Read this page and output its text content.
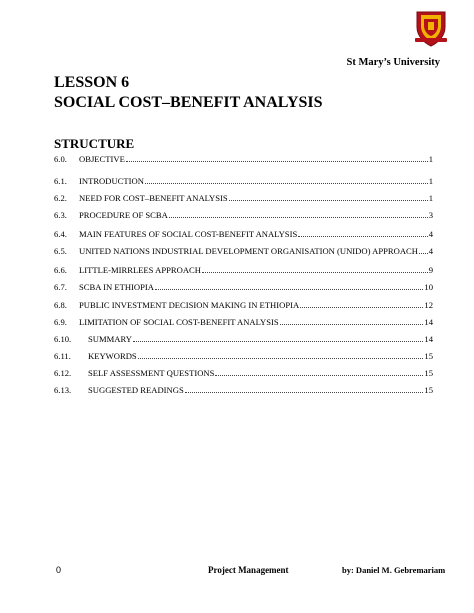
St Mary’s University
LESSON 6
SOCIAL COST–BENEFIT ANALYSIS
STRUCTURE
6.0.	OBJECTIVE	1
6.1.	INTRODUCTION	1
6.2.	NEED FOR COST–BENEFIT ANALYSIS	1
6.3.	PROCEDURE OF SCBA	3
6.4.	MAIN FEATURES OF SOCIAL COST-BENEFIT ANALYSIS	4
6.5.	UNITED NATIONS INDUSTRIAL DEVELOPMENT ORGANISATION (UNIDO) APPROACH 4
6.6.	LITTLE-MIRRLEES APPROACH	9
6.7.	SCBA IN ETHIOPIA	10
6.8.	PUBLIC INVESTMENT DECISION MAKING IN ETHIOPIA	12
6.9.	LIMITATION OF SOCIAL COST-BENEFIT ANALYSIS	14
6.10.	SUMMARY	14
6.11.	KEYWORDS	15
6.12.	SELF ASSESSMENT QUESTIONS	15
6.13.	SUGGESTED READINGS	15
0	Project Management	by: Daniel M. Gebremariam
